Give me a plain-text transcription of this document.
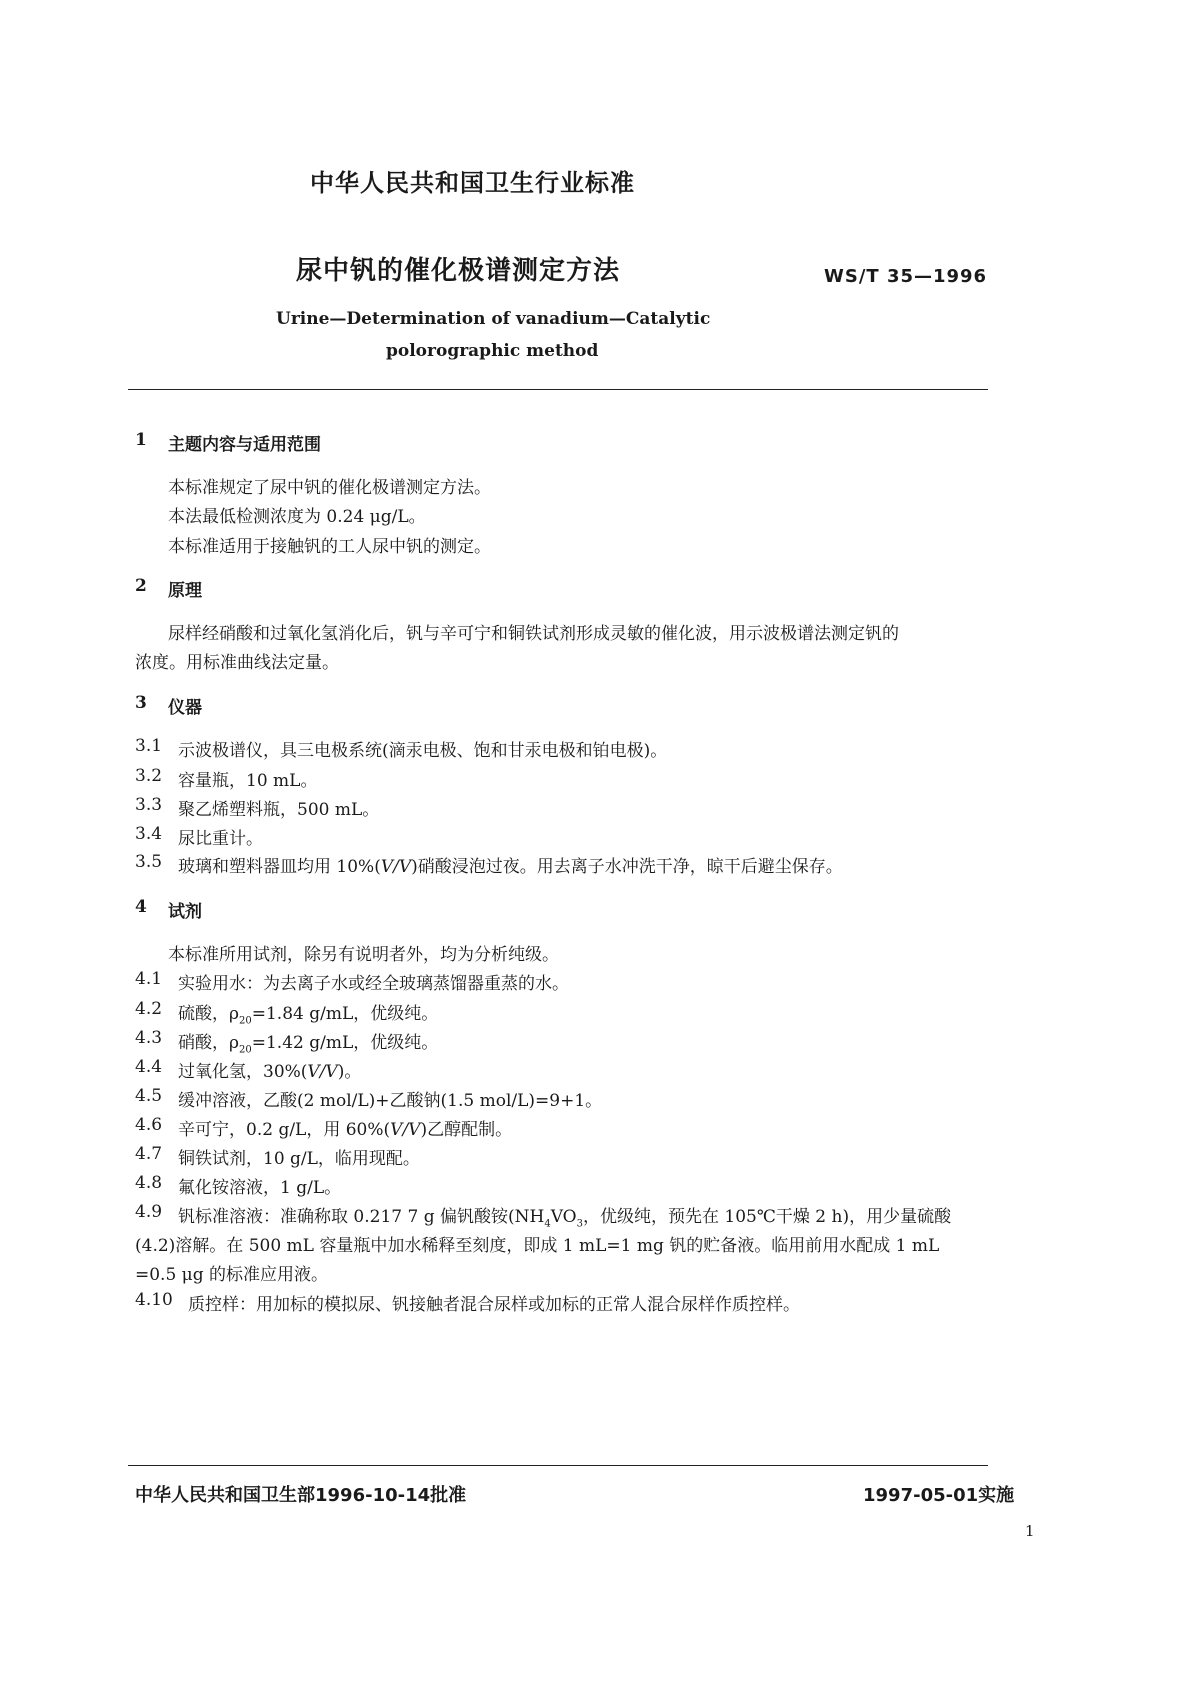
中华人民共和国卫生行业标准
尿中钒的催化极谱测定方法	WS/T 35—1996
Urine—Determination of vanadium—Catalytic
polorographic method
1 主题内容与适用范围
本标准规定了尿中钒的催化极谱测定方法。
本法最低检测浓度为 0.24 μg/L。
本标准适用于接触钒的工人尿中钒的测定。
2 原理
尿样经硝酸和过氧化氢消化后，钒与辛可宁和铜铁试剂形成灵敏的催化波，用示波极谱法测定钒的
浓度。用标准曲线法定量。
3 仪器
3.1 示波极谱仪，具三电极系统(滴汞电极、饱和甘汞电极和铂电极)。
3.2 容量瓶，10 mL。
3.3 聚乙烯塑料瓶，500 mL。
3.4 尿比重计。
3.5 玻璃和塑料器皿均用 10%(V/V)硝酸浸泡过夜。用去离子水冲洗干净，晾干后避尘保存。
4 试剂
本标准所用试剂，除另有说明者外，均为分析纯级。
4.1 实验用水：为去离子水或经全玻璃蒸馏器重蒸的水。
4.2 硫酸，$\rho_{20}=1.84$ g/mL，优级纯。
4.3 硝酸，$\rho_{20}=1.42$ g/mL，优级纯。
4.4 过氧化氢，30%(V/V)。
4.5 缓冲溶液，乙酸(2 mol/L)+乙酸钠(1.5 mol/L)=9+1。
4.6 辛可宁，0.2 g/L，用 60%(V/V)乙醇配制。
4.7 铜铁试剂，10 g/L，临用现配。
4.8 氟化铵溶液，1 g/L。
4.9 钒标准溶液：准确称取 0.217 7 g 偏钒酸铵($NH_4VO_3$，优级纯，预先在 105℃干燥 2 h)，用少量硫酸
(4.2)溶解。在 500 mL 容量瓶中加水稀释至刻度，即成 1 mL=1 mg 钒的贮备液。临用前用水配成 1 mL
=0.5 μg 的标准应用液。
4.10 质控样：用加标的模拟尿、钒接触者混合尿样或加标的正常人混合尿样作质控样。
中华人民共和国卫生部1996-10-14批准	1997-05-01实施
1
